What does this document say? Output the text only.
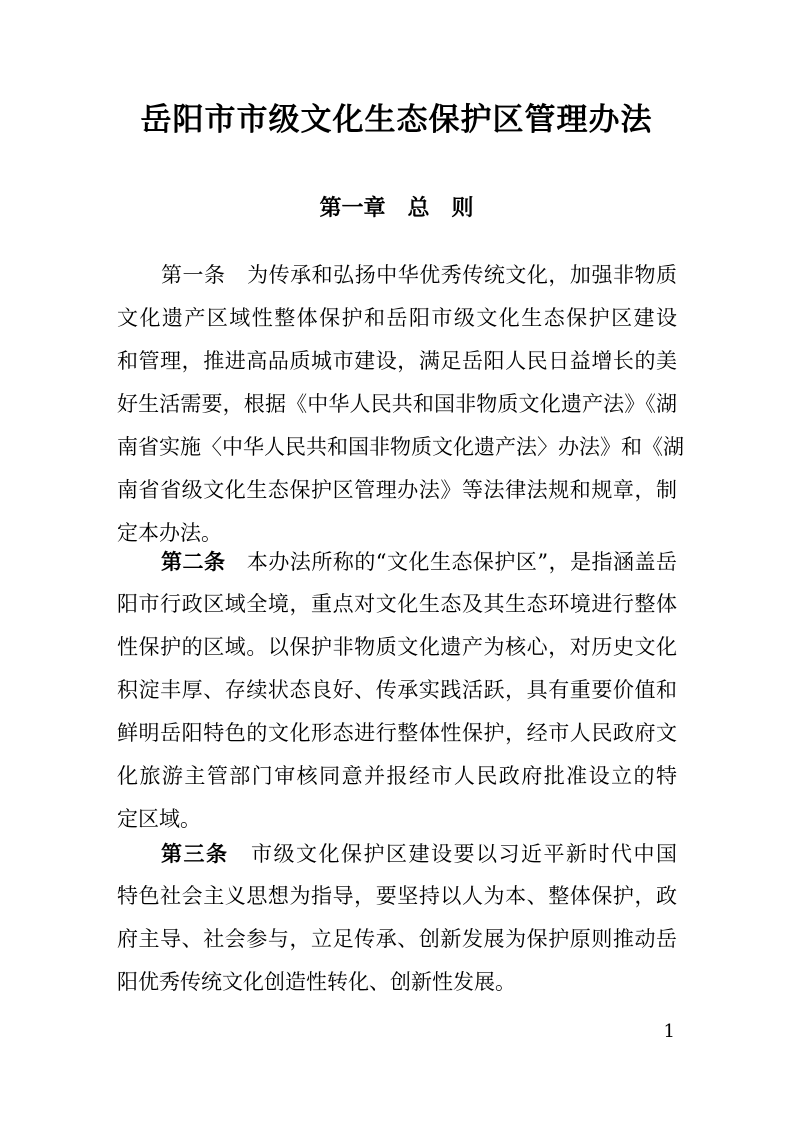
岳阳市市级文化生态保护区管理办法
第一章　总　则
第一条　为传承和弘扬中华优秀传统文化，加强非物质
文化遗产区域性整体保护和岳阳市级文化生态保护区建设
和管理，推进高品质城市建设，满足岳阳人民日益增长的美
好生活需要，根据《中华人民共和国非物质文化遗产法》《湖
南省实施〈中华人民共和国非物质文化遗产法〉办法》和《湖
南省省级文化生态保护区管理办法》等法律法规和规章，制
定本办法。
第二条　本办法所称的“文化生态保护区”，是指涵盖岳
阳市行政区域全境，重点对文化生态及其生态环境进行整体
性保护的区域。以保护非物质文化遗产为核心，对历史文化
积淀丰厚、存续状态良好、传承实践活跃，具有重要价值和
鲜明岳阳特色的文化形态进行整体性保护，经市人民政府文
化旅游主管部门审核同意并报经市人民政府批准设立的特
定区域。
第三条　市级文化保护区建设要以习近平新时代中国
特色社会主义思想为指导，要坚持以人为本、整体保护，政
府主导、社会参与，立足传承、创新发展为保护原则推动岳
阳优秀传统文化创造性转化、创新性发展。
1
